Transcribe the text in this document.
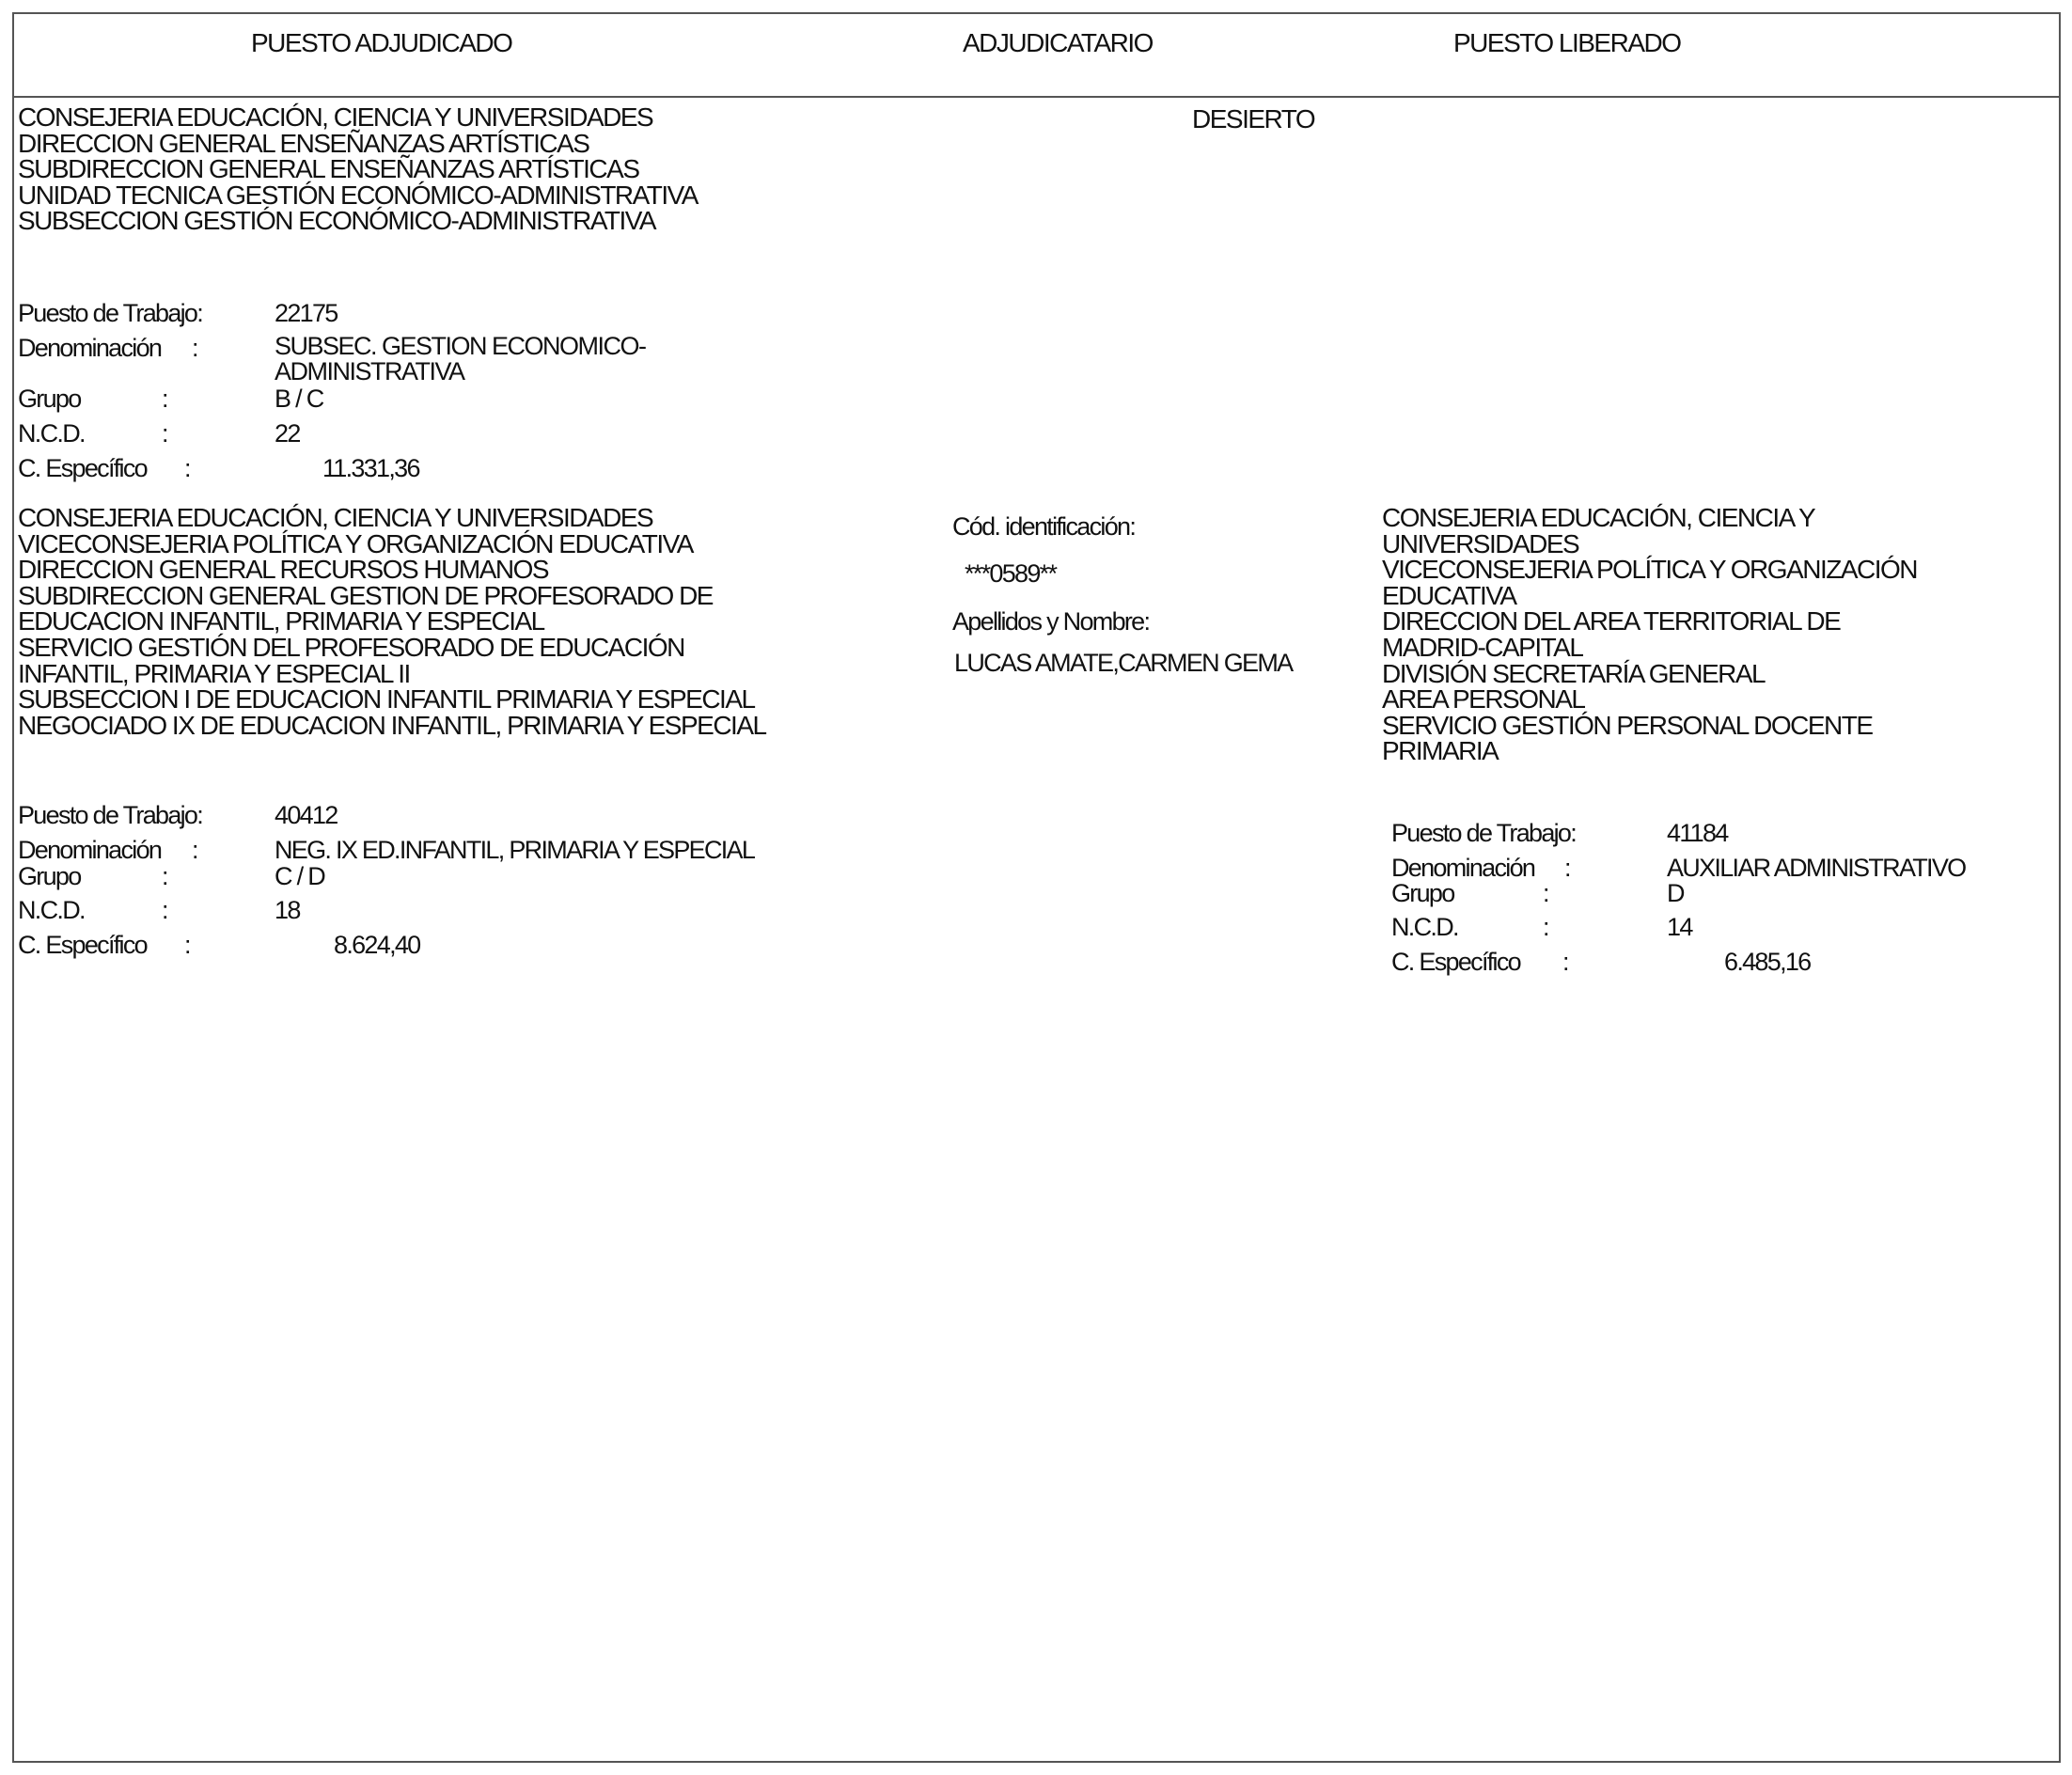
PUESTO ADJUDICADO	ADJUDICATARIO	PUESTO LIBERADO
CONSEJERIA EDUCACIÓN, CIENCIA Y UNIVERSIDADES
DIRECCION GENERAL ENSEÑANZAS ARTÍSTICAS
SUBDIRECCION GENERAL ENSEÑANZAS ARTÍSTICAS
UNIDAD TECNICA GESTIÓN ECONÓMICO-ADMINISTRATIVA
SUBSECCION GESTIÓN ECONÓMICO-ADMINISTRATIVA
DESIERTO
Puesto de Trabajo:	22175
Denominación :	SUBSEC. GESTION ECONOMICO-
ADMINISTRATIVA
Grupo	:	B / C
N.C.D.	:	22
C. Específico :	11.331,36
CONSEJERIA EDUCACIÓN, CIENCIA Y UNIVERSIDADES
VICECONSEJERIA POLÍTICA Y ORGANIZACIÓN EDUCATIVA
DIRECCION GENERAL RECURSOS HUMANOS
SUBDIRECCION GENERAL GESTION DE PROFESORADO DE
EDUCACION INFANTIL, PRIMARIA Y ESPECIAL
SERVICIO GESTIÓN DEL PROFESORADO DE EDUCACIÓN
INFANTIL, PRIMARIA Y ESPECIAL II
SUBSECCION I DE EDUCACION INFANTIL PRIMARIA Y ESPECIAL
NEGOCIADO IX DE EDUCACION INFANTIL, PRIMARIA Y ESPECIAL
Puesto de Trabajo:	40412
Denominación :	NEG. IX ED.INFANTIL, PRIMARIA Y ESPECIAL
Grupo	:	C / D
N.C.D.	:	18
C. Específico :	8.624,40
Cód. identificación:
***0589**
Apellidos y Nombre:
LUCAS AMATE,CARMEN GEMA
CONSEJERIA EDUCACIÓN, CIENCIA Y
UNIVERSIDADES
VICECONSEJERIA POLÍTICA Y ORGANIZACIÓN
EDUCATIVA
DIRECCION DEL AREA TERRITORIAL DE
MADRID-CAPITAL
DIVISIÓN SECRETARÍA GENERAL
AREA PERSONAL
SERVICIO GESTIÓN PERSONAL DOCENTE
PRIMARIA
Puesto de Trabajo:	41184
Denominación :	AUXILIAR ADMINISTRATIVO
Grupo	:	D
N.C.D.	:	14
C. Específico :	6.485,16
